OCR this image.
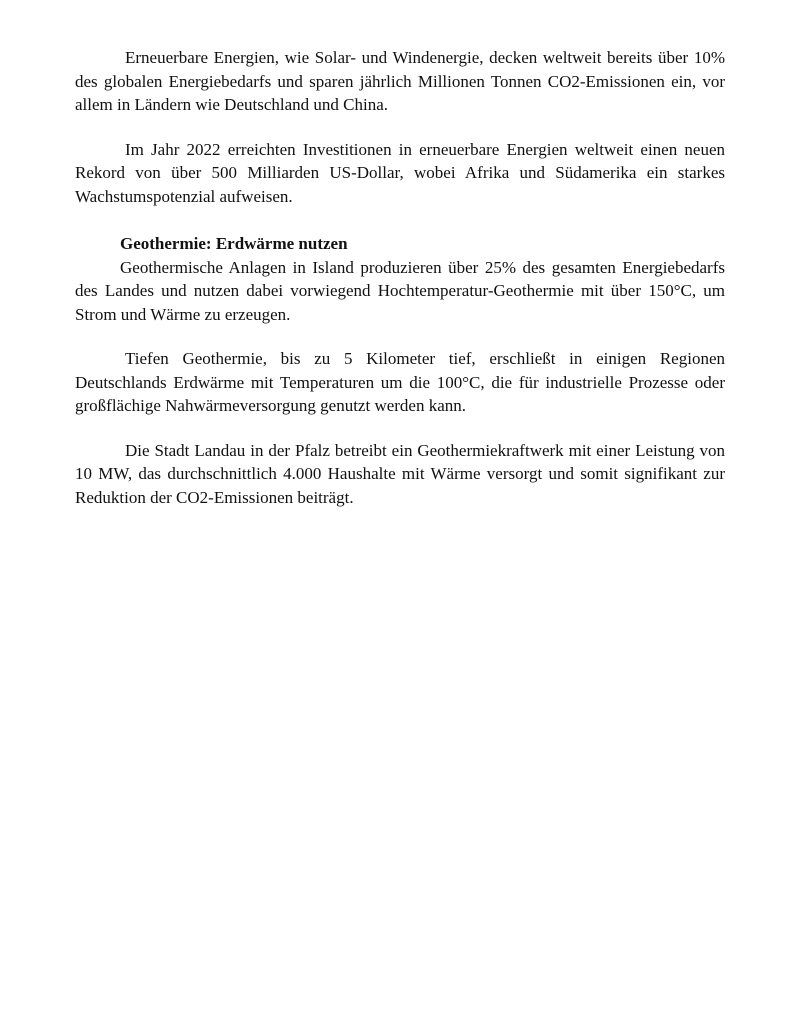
Erneuerbare Energien, wie Solar- und Windenergie, decken weltweit bereits über 10% des globalen Energiebedarfs und sparen jährlich Millionen Tonnen CO2-Emissionen ein, vor allem in Ländern wie Deutschland und China.

Im Jahr 2022 erreichten Investitionen in erneuerbare Energien weltweit einen neuen Rekord von über 500 Milliarden US-Dollar, wobei Afrika und Südamerika ein starkes Wachstumspotenzial aufweisen.

Geothermie: Erdwärme nutzen

Geothermische Anlagen in Island produzieren über 25% des gesamten Energiebedarfs des Landes und nutzen dabei vorwiegend Hochtemperatur-Geothermie mit über 150°C, um Strom und Wärme zu erzeugen.

Tiefen Geothermie, bis zu 5 Kilometer tief, erschließt in einigen Regionen Deutschlands Erdwärme mit Temperaturen um die 100°C, die für industrielle Prozesse oder großflächige Nahwärmeversorgung genutzt werden kann.

Die Stadt Landau in der Pfalz betreibt ein Geothermiekraftwerk mit einer Leistung von 10 MW, das durchschnittlich 4.000 Haushalte mit Wärme versorgt und somit signifikant zur Reduktion der CO2-Emissionen beiträgt.
